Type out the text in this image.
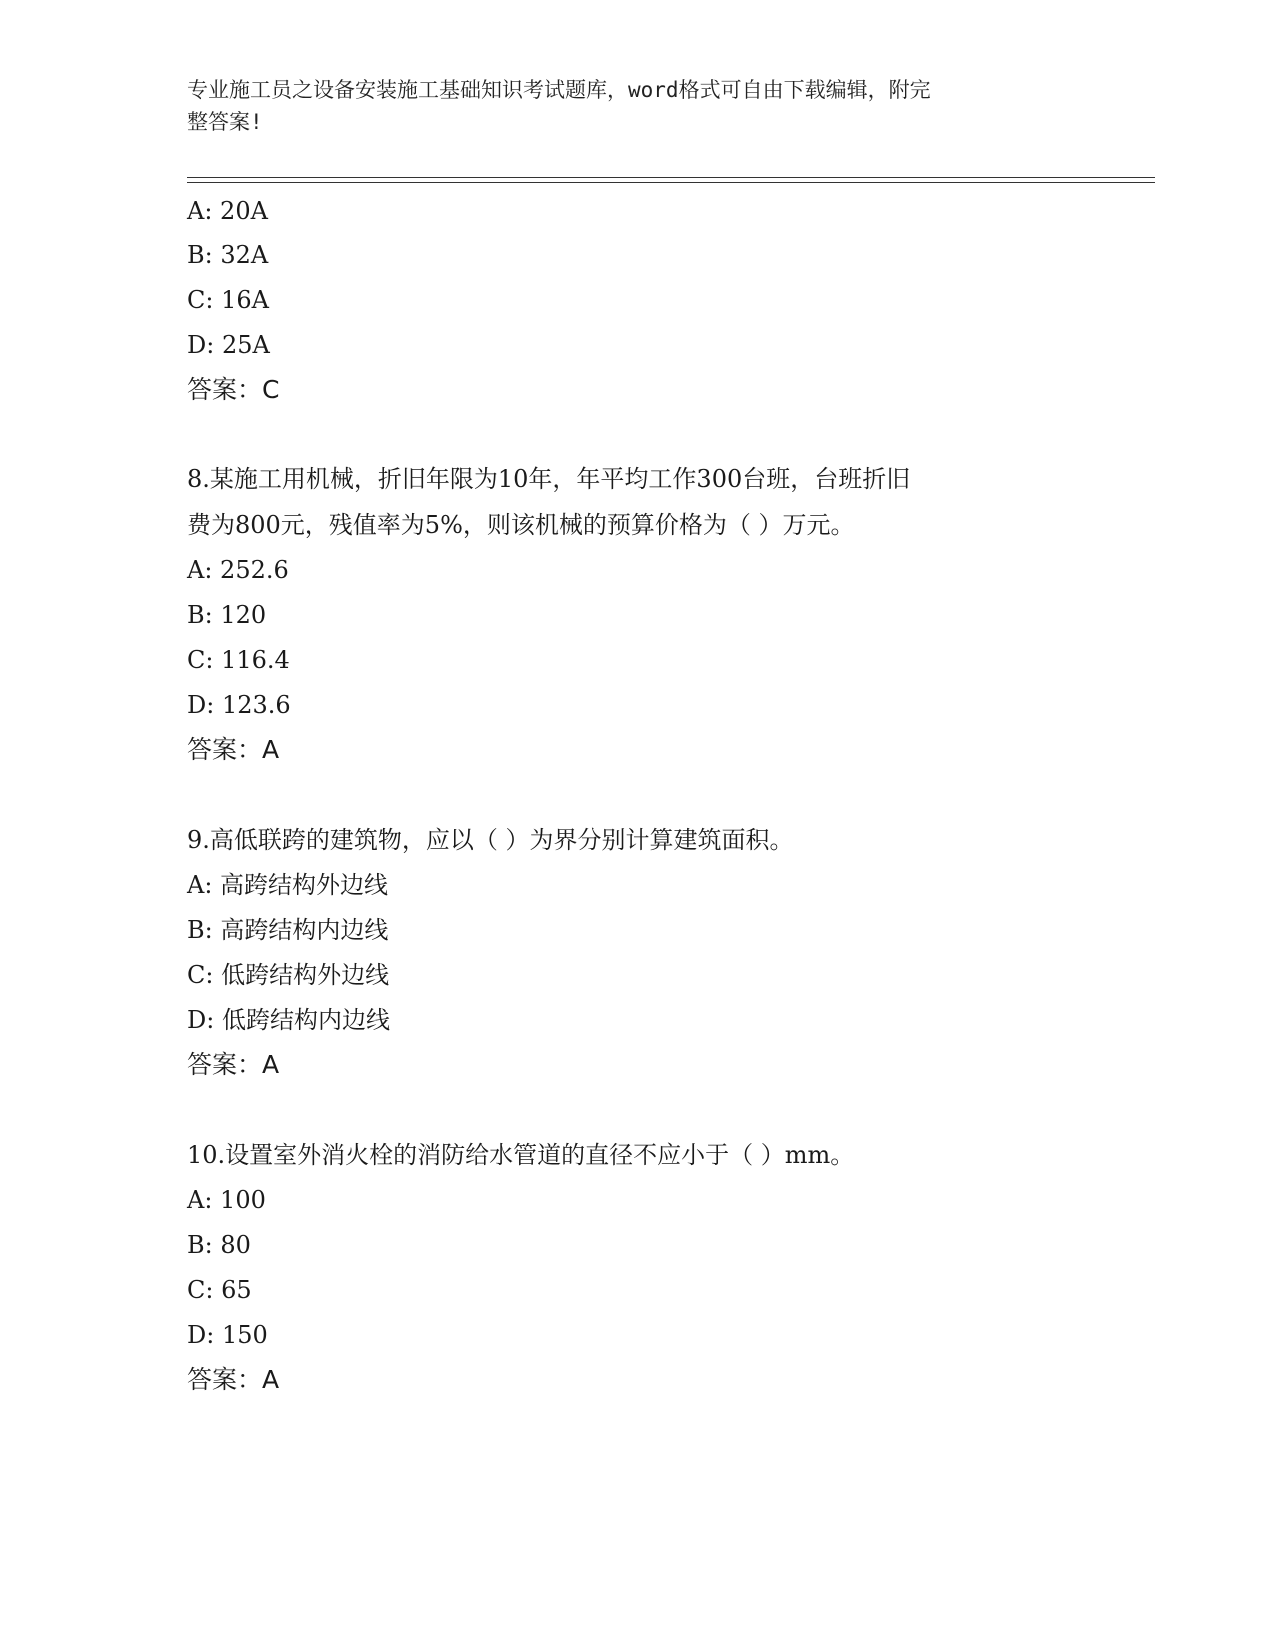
专业施工员之设备安装施工基础知识考试题库，word格式可自由下载编辑，附完
整答案!
A: 20A
B: 32A
C: 16A
D: 25A
答案：C
8.某施工用机械，折旧年限为10年，年平均工作300台班，台班折旧
费为800元，残值率为5%，则该机械的预算价格为（ ）万元。
A: 252.6
B: 120
C: 116.4
D: 123.6
答案：A
9.高低联跨的建筑物，应以（ ）为界分别计算建筑面积。
A: 高跨结构外边线
B: 高跨结构内边线
C: 低跨结构外边线
D: 低跨结构内边线
答案：A
10.设置室外消火栓的消防给水管道的直径不应小于（ ）mm。
A: 100
B: 80
C: 65
D: 150
答案：A
